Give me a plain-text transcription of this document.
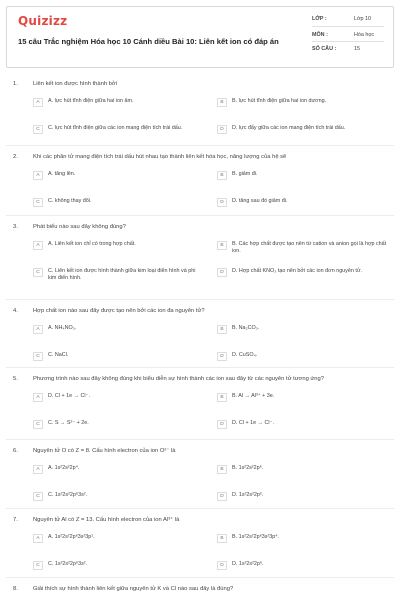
Quizizz
15 câu Trắc nghiệm Hóa học 10 Cánh diều Bài 10: Liên kết ion có đáp án
LỚP :	Lớp 10
MÔN :	Hóa học
SỐ CÂU :	15
1.	Liên kết ion được hình thành bởi
A	A. lực hút tĩnh điện giữa hai ion âm.	B	B. lực hút tĩnh điện giữa hai ion dương.
C	C. lực hút tĩnh điện giữa các ion mang điện tích trái dấu.	D	D. lực đẩy giữa các ion mang điện tích trái dấu.
2.	Khi các phân tử mang điện tích trái dấu hút nhau tạo thành liên kết hóa học, năng lượng của hệ sẽ
A	A. tăng lên.	B	B. giảm đi.
C	C. không thay đổi.	D	D. tăng sau đó giảm đi.
3.	Phát biểu nào sau đây không đúng?
A	A. Liên kết ion chỉ có trong hợp chất.	B	B. Các hợp chất được tạo nên từ cation và anion gọi là hợp chất ion.
C	C. Liên kết ion được hình thành giữa kim loại điển hình và phi kim điển hình.
D	D. Hợp chất KNO₃ tạo nên bởi các ion đơn nguyên tử.
4.	Hợp chất ion nào sau đây được tạo nên bởi các ion đa nguyên tử?
A	A. NH₄NO₃.	B	B. Na₂CO₃.
C	C. NaCl.	D	D. CuSO₄.
5.	Phương trình nào sau đây không đúng khi biểu diễn sự hình thành các ion sau đây từ các nguyên tử tương ứng?
A	D. Cl + 1e → Cl⁻.	B	B. Al → Al³⁺ + 3e.
C	C. S → S²⁻ + 2e.	D	D. Cl + 1e → Cl⁻.
6.	Nguyên tử O có Z = 8. Cấu hình electron của ion O²⁻ là
A	A. 1s²2s²2p⁴.	B	B. 1s²2s²2p⁶.
C	C. 1s²2s²2p⁶3s².	D	D. 1s²2s²2p².
7.	Nguyên tử Al có Z = 13. Cấu hình electron của ion Al³⁺ là
A	A. 1s²2s²2p⁶3s²3p¹.	B	B. 1s²2s²2p⁶3s²3p⁴.
C	C. 1s²2s²2p⁶3s².	D	D. 1s²2s²2p⁶.
8.	Giải thích sự hình thành liên kết giữa nguyên tử K và Cl nào sau đây là đúng?
